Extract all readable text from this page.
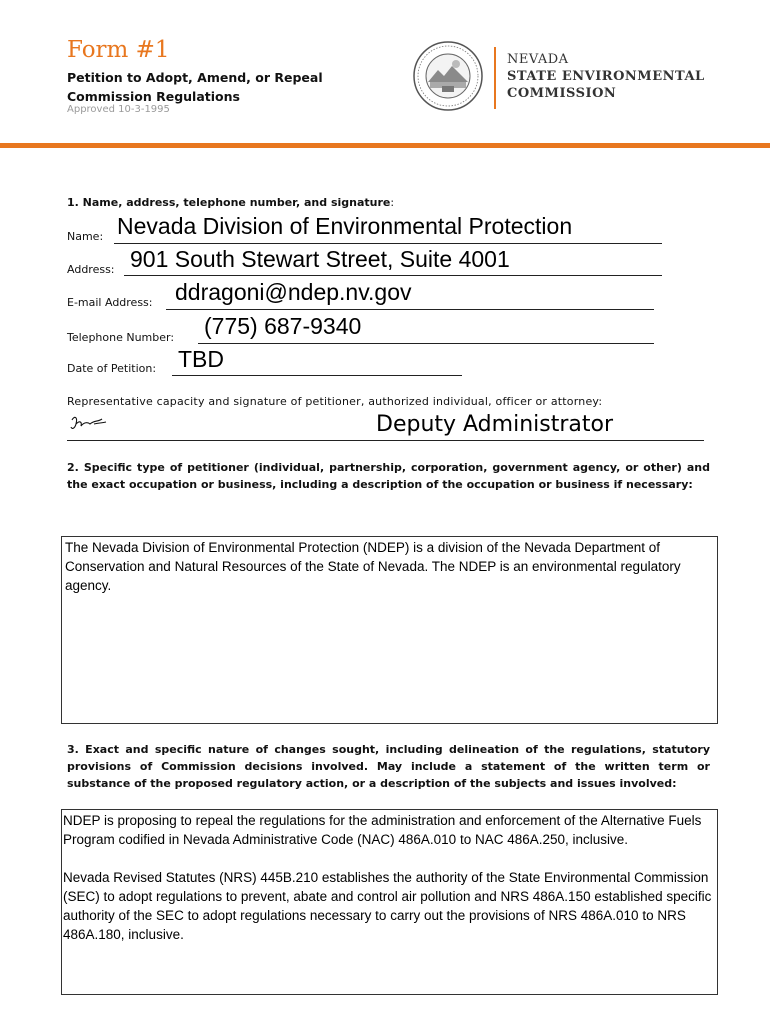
Form #1
Petition to Adopt, Amend, or Repeal
Commission Regulations
Approved 10-3-1995
NEVADA
STATE ENVIRONMENTAL
COMMISSION
1. Name, address, telephone number, and signature:
Name: Nevada Division of Environmental Protection
Address: 901 South Stewart Street, Suite 4001
E-mail Address: ddragoni@ndep.nv.gov
Telephone Number: (775) 687-9340
Date of Petition: TBD
Representative capacity and signature of petitioner, authorized individual, officer or attorney:
Deputy Administrator
2. Specific type of petitioner (individual, partnership, corporation, government agency, or other) and the exact occupation or business, including a description of the occupation or business if necessary:

The Nevada Division of Environmental Protection (NDEP) is a division of the Nevada Department of Conservation and Natural Resources of the State of Nevada. The NDEP is an environmental regulatory agency.

3. Exact and specific nature of changes sought, including delineation of the regulations, statutory provisions of Commission decisions involved. May include a statement of the written term or substance of the proposed regulatory action, or a description of the subjects and issues involved:

NDEP is proposing to repeal the regulations for the administration and enforcement of the Alternative Fuels Program codified in Nevada Administrative Code (NAC) 486A.010 to NAC 486A.250, inclusive.

Nevada Revised Statutes (NRS) 445B.210 establishes the authority of the State Environmental Commission (SEC) to adopt regulations to prevent, abate and control air pollution and NRS 486A.150 established specific authority of the SEC to adopt regulations necessary to carry out the provisions of NRS 486A.010 to NRS 486A.180, inclusive.
